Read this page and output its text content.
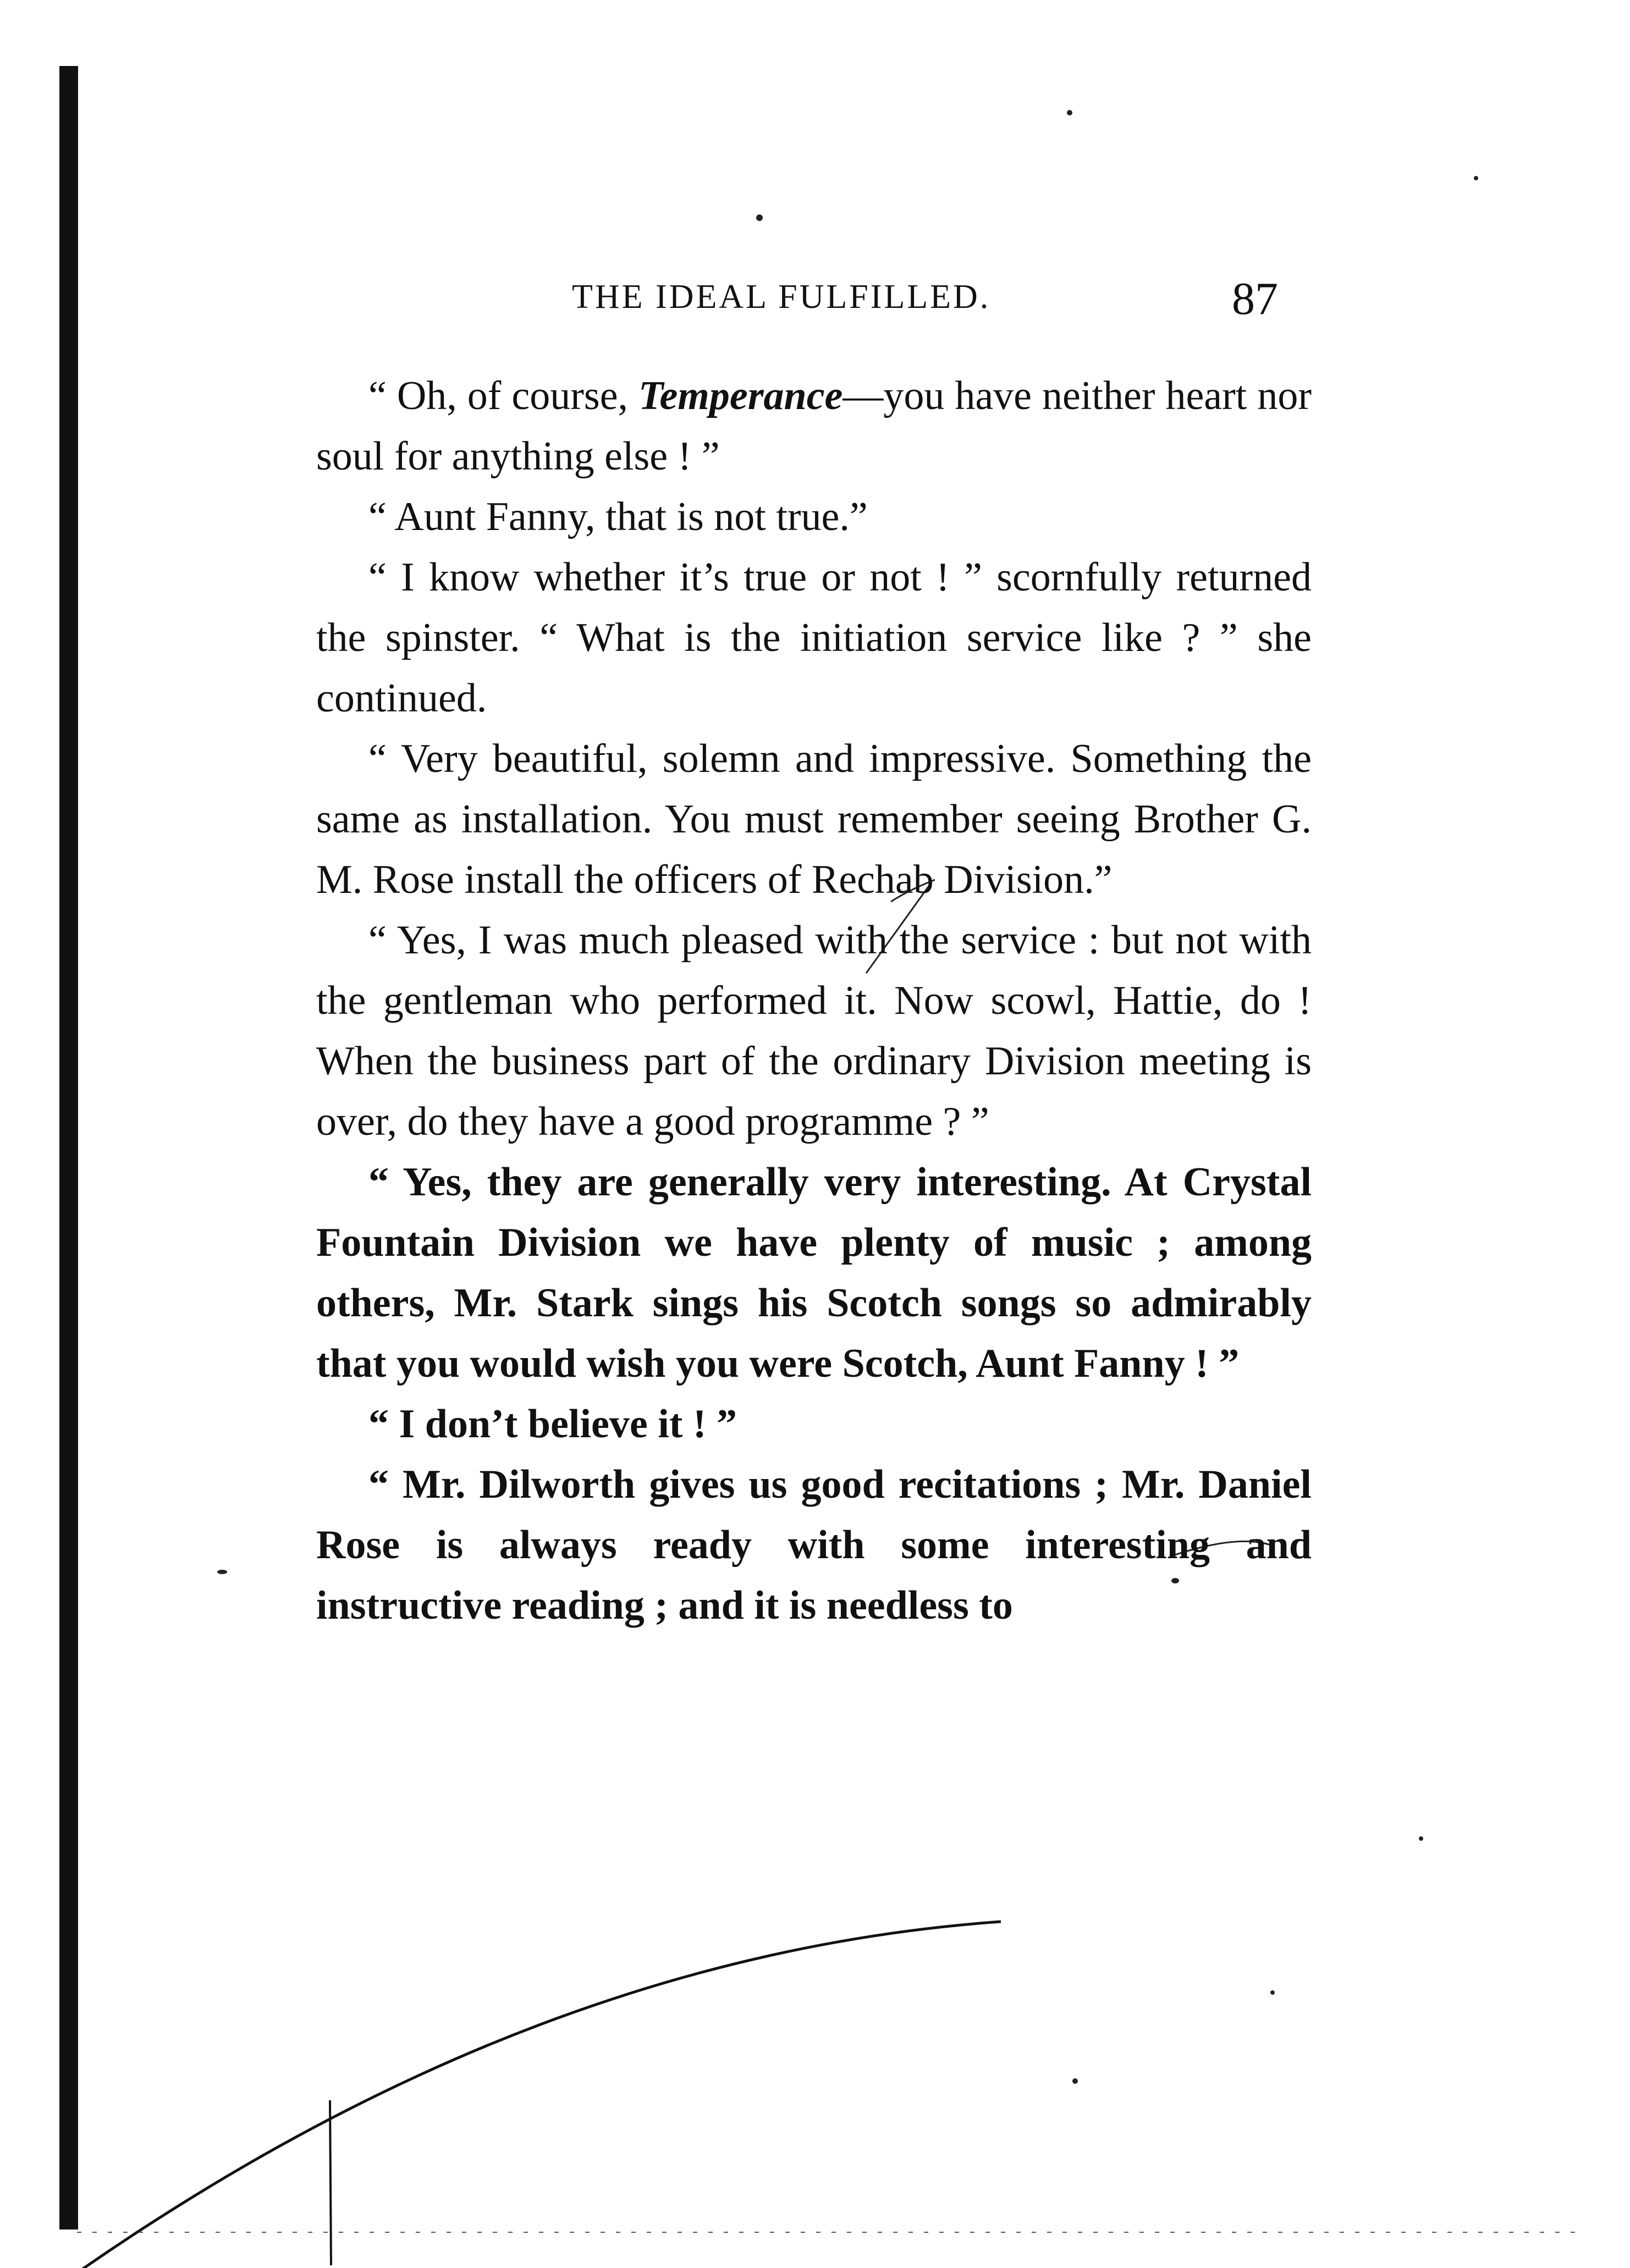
THE IDEAL FULFILLED.	87

“ Oh, of course, Temperance—you have neither heart nor soul for anything else ! ”

“ Aunt Fanny, that is not true.”

“ I know whether it’s true or not ! ” scornfully returned the spinster. “ What is the initiation service like ? ” she continued.

“ Very beautiful, solemn and impressive. Something the same as installation. You must remember seeing Brother G. M. Rose install the officers of Rechab Division.”

“ Yes, I was much pleased with the service : but not with the gentleman who performed it. Now scowl, Hattie, do ! When the business part of the ordinary Division meeting is over, do they have a good programme ? ”

“ Yes, they are generally very interesting. At Crystal Fountain Division we have plenty of music ; among others, Mr. Stark sings his Scotch songs so admirably that you would wish you were Scotch, Aunt Fanny ! ”

“ I don’t believe it ! ”

“ Mr. Dilworth gives us good recitations ; Mr. Daniel Rose is always ready with some interesting and instructive reading ; and it is needless to
